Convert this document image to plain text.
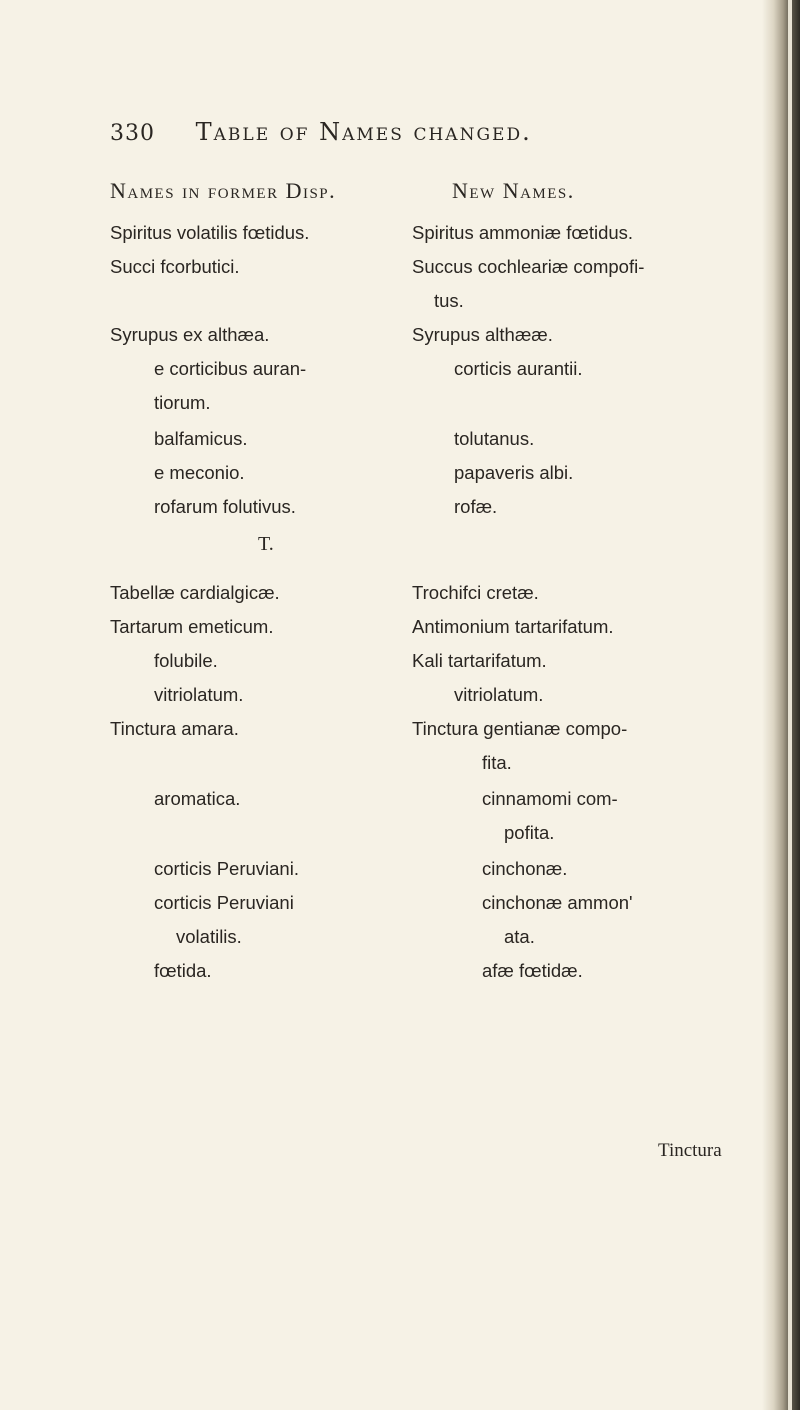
330 Table of Names changed.
Names in former Disp.	New Names.
Spiritus volatilis fœtidus.	Spiritus ammoniæ fœtidus.
Succi fcorbutici.	Succus cochleariæ compofi-
tus.
Syrupus ex althæa.	Syrupus althææ.
e corticibus auran-	corticis aurantii.
tiorum.
balfamicus.	tolutanus.
e meconio.	papaveris albi.
rofarum folutivus.	rofæ.
T.
Tabellæ cardialgicæ.	Trochifci cretæ.
Tartarum emeticum.	Antimonium tartarifatum.
folubile.	Kali tartarifatum.
vitriolatum.	vitriolatum.
Tinctura amara.	Tinctura gentianæ compo-
fita.
aromatica.	cinnamomi com-
pofita.
corticis Peruviani.	cinchonæ.
corticis Peruviani	cinchonæ ammon'
volatilis.	ata.
fœtida.	afæ fœtidæ.
Tinctura
